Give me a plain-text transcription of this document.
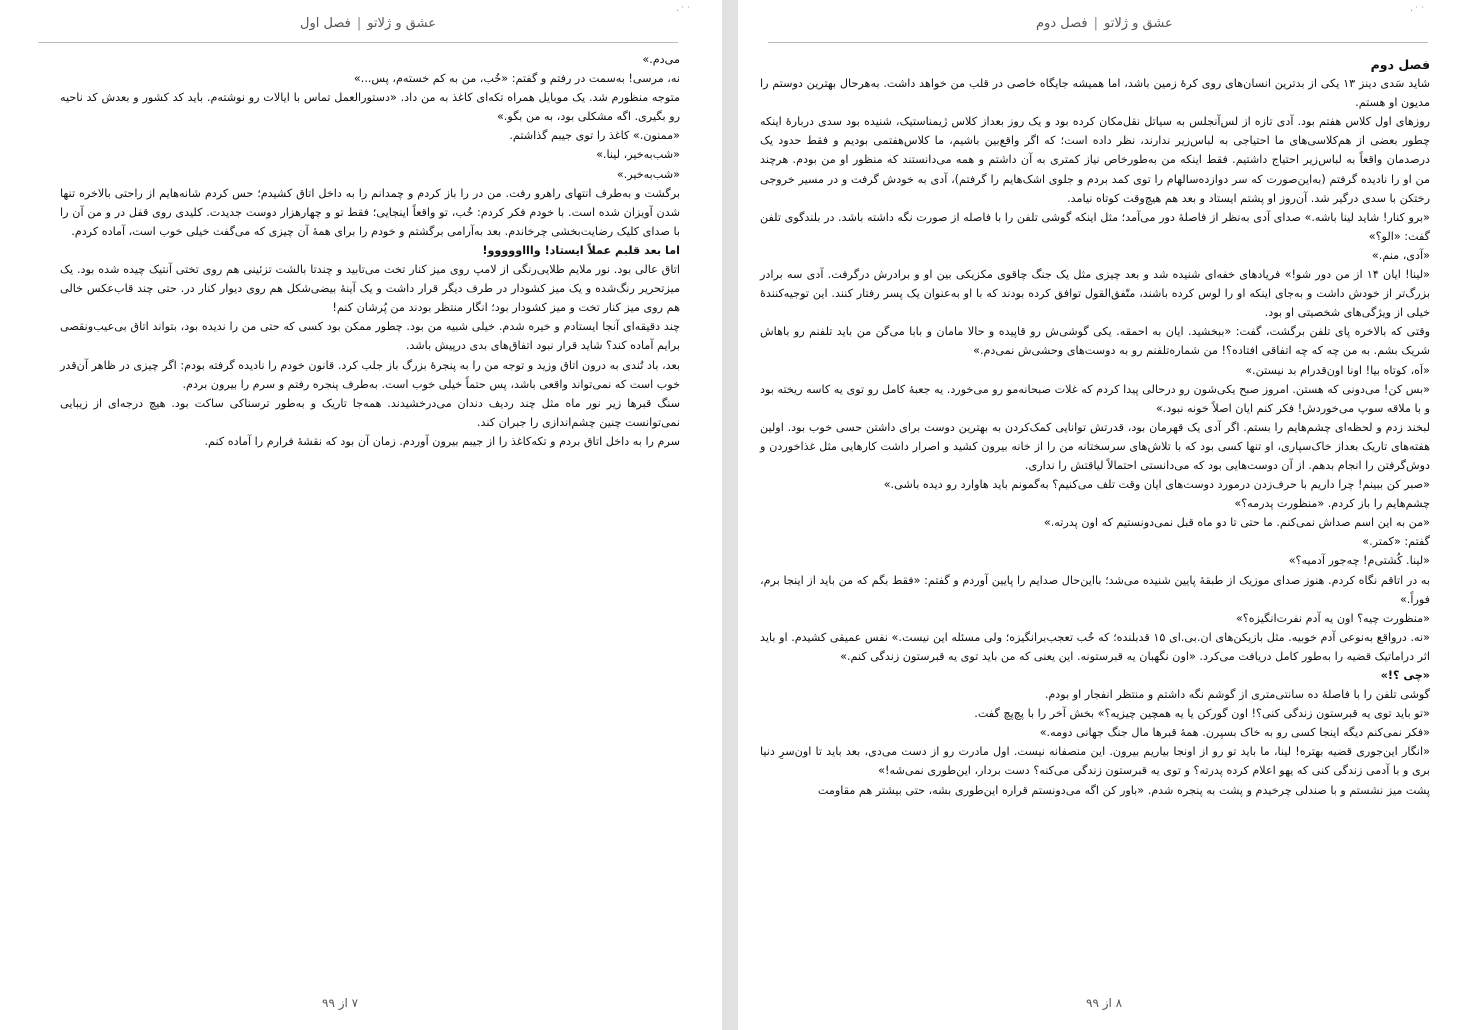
·˙˙
عشق و ژلاتو|فصل اول

می‌دم.»

نه، مرسی! به‌سمت در رفتم و گفتم: «خُب، من به کم خسته‌م، پس...»

متوجه منظورم شد. یک موبایل همراه تکه‌ای کاغذ به من داد. «دستورالعمل تماس با ایالات رو نوشته‌م. باید کد کشور و بعدش کد ناحیه رو بگیری. اگه مشکلی بود، به من بگو.»

«ممنون.» کاغذ را توی جیبم گذاشتم.

«شب‌به‌خیر، لینا.»

«شب‌به‌خیر.»

برگشت و به‌طرف انتهای راهرو رفت. من در را باز کردم و چمدانم را به داخل اتاق کشیدم؛ حس کردم شانه‌هایم از راحتی بالاخره تنها شدن آویزان شده است. با خودم فکر کردم: خُب، تو واقعاً اینجایی؛ فقط تو و چهارهزار دوست جدیدت. کلیدی روی قفل در و من آن را با صدای کلیک رضایت‌بخشی چرخاندم. بعد به‌آرامی برگشتم و خودم را برای همهٔ آن چیزی که می‌گفت خیلی خوب است، آماده کردم.

اما بعد قلبم عملاً ایستاد! واااووووو!

اتاق عالی بود. نور ملایم طلایی‌رنگی از لامپ روی میز کنار تخت می‌تابید و چندتا بالشت تزئینی هم روی تختی آنتیک چیده شده بود. یک میزتحریر رنگ‌شده و یک میز کشودار در طرف دیگر قرار داشت و یک آینهٔ بیضی‌شکل هم روی دیوار کنار در. حتی چند قاب‌عکس خالی هم روی میز کنار تخت و میز کشودار بود؛ انگار منتظر بودند من پُرشان کنم!

چند دقیقه‌ای آنجا ایستادم و خیره شدم. خیلی شبیه من بود. چطور ممکن بود کسی که حتی من را ندیده بود، بتواند اتاق بی‌عیب‌ونقصی برایم آماده کند؟ شاید قرار نبود اتفاق‌های بدی درپیش باشد.

بعد، باد تُندی به درون اتاق وزید و توجه من را به پنجرهٔ بزرگ باز جلب کرد. قانون خودم را نادیده گرفته بودم: اگر چیزی در ظاهر آن‌قدر خوب است که نمی‌تواند واقعی باشد، پس حتماً خیلی خوب است. به‌طرف پنجره رفتم و سرم را بیرون بردم.

سنگ قبرها زیر نور ماه مثل چند ردیف دندان می‌درخشیدند. همه‌جا تاریک و به‌طور ترسناکی ساکت بود. هیچ درجه‌ای از زیبایی نمی‌توانست چنین چشم‌اندازی را جبران کند.

سرم را به داخل اتاق بردم و تکه‌کاغذ را از جیبم بیرون آوردم. زمان آن بود که نقشهٔ فرارم را آماده کنم.

۷ از ۹۹
·˙˙
عشق و ژلاتو|فصل دوم

فصل دوم

شاید سَدی دینز ۱۳ یکی از بدترین انسان‌های روی کرهٔ زمین باشد، اما همیشه جایگاه خاصی در قلب من خواهد داشت. به‌هرحال بهترین دوستم را مدیون او هستم.

روزهای اول کلاس هفتم بود. آدی تازه از لس‌آنجلس به سیاتل نقل‌مکان کرده بود و یک روز بعداز کلاس ژیمناستیک، شنیده بود سدی دربارهٔ اینکه چطور بعضی از هم‌کلاسی‌های ما احتیاجی به لباس‌زیر ندارند، نظر داده است؛ که اگر واقع‌بین باشیم، ما کلاس‌هفتمی بودیم و فقط حدود یک درصدمان واقعاً به لباس‌زیر احتیاج داشتیم. فقط اینکه من به‌طورخاص نیاز کمتری به آن داشتم و همه می‌دانستند که منظور او من بودم. هرچند من او را نادیده گرفتم (به‌این‌صورت که سر دوازده‌سالهام را توی کمد بردم و جلوی اشک‌هایم را گرفتم)، آدی به خودش گرفت و در مسیر خروجی رختکن با سدی درگیر شد. آن‌روز او پشتم ایستاد و بعد هم هیچ‌وقت کوتاه نیامد.

«برو کنار! شاید لینا باشه.» صدای آدی به‌نظر از فاصلهٔ دور می‌آمد؛ مثل اینکه گوشی تلفن را با فاصله از صورت نگه داشته باشد. در بلندگوی تلفن گفت: «الو؟»

«آدی، منم.»

«لینا! ایان ۱۴ از من دور شو!» فریادهای خفه‌ای شنیده شد و بعد چیزی مثل یک جنگ چاقوی مکزیکی بین او و برادرش درگرفت. آدی سه برادر بزرگ‌تر از خودش داشت و به‌جای اینکه او را لوس کرده باشند، متّفق‌القول توافق کرده بودند که با او به‌عنوان یک پسر رفتار کنند. این توجیه‌کنندهٔ خیلی از ویژگی‌های شخصیتی او بود.

وقتی که بالاخره پای تلفن برگشت، گفت: «ببخشید. ایان به احمقه. یکی گوشی‌ش رو قاپیده و حالا مامان و بابا می‌گن من باید تلفنم رو باهاش شریک بشم. به من چه که چه اتفاقی افتاده؟! من شماره‌تلفنم رو به دوست‌های وحشی‌ش نمی‌دم.»

«اَه، کوتاه بیا! اونا اون‌قدرام بد نیستن.»

«بس کن! می‌دونی که هستن. امروز صبح یکی‌شون رو درحالی پیدا کردم که غلات صبحانه‌مو رو می‌خورد. یه جعبهٔ کامل رو توی یه کاسه ریخته بود و با ملاقه سوپ می‌خوردش! فکر کنم ایان اصلاً خونه نبود.»

لبخند زدم و لحظه‌ای چشم‌هایم را بستم. اگر آدی یک قهرمان بود، قدرتش توانایی کمک‌کردن به بهترین دوست برای داشتن حسی خوب بود. اولین هفته‌های تاریک بعداز خاک‌سپاری، او تنها کسی بود که با تلاش‌های سرسختانه من را از خانه بیرون کشید و اصرار داشت کارهایی مثل غذاخوردن و دوش‌گرفتن را انجام بدهم. از آن دوست‌هایی بود که می‌دانستی احتمالاً لیاقتش را نداری.

«صبر کن ببینم! چرا داریم با حرف‌زدن درمورد دوست‌های ایان وقت تلف می‌کنیم؟ به‌گمونم باید هاوارد رو دیده باشی.»

چشم‌هایم را باز کردم. «منظورت پدرمه؟»

«من به این اسم صداش نمی‌کنم. ما حتی تا دو ماه قبل نمی‌دونستیم که اون پدرته.»

گفتم: «کمتر.»

«لینا. کُشتی‌م! چه‌جور آدمیه؟»

به در اتاقم نگاه کردم. هنوز صدای موزیک از طبقهٔ پایین شنیده می‌شد؛ بااین‌حال صدایم را پایین آوردم و گفتم: «فقط بگم که من باید از اینجا برم، فوراً.»

«منظورت چیه؟ اون یه آدم نفرت‌انگیزه؟»

«نه. درواقع به‌نوعی آدم خوبیه. مثل بازیکن‌های ان.بی.ای ۱۵ قدبلنده؛ که خُب تعجب‌برانگیزه؛ ولی مسئله این نیست.» نفس عمیقی کشیدم. او باید اثر دراماتیک قضیه را به‌طور کامل دریافت می‌کرد. «اون نگهبان یه قبرستونه. این یعنی که من باید توی یه قبرستون زندگی کنم.»

«چی ؟!»

گوشی تلفن را با فاصلهٔ ده سانتی‌متری از گوشم نگه داشتم و منتظر انفجار او بودم.

«تو باید توی یه قبرستون زندگی کنی؟! اون گورکن یا یه همچین چیزیه؟» بخش آخر را با پچ‌پچ گفت.

«فکر نمی‌کنم دیگه اینجا کسی رو به خاک بسپرن. همهٔ قبرها مال جنگ جهانی دومه.»

«انگار این‌جوری قضیه بهتره! لینا، ما باید تو رو از اونجا بیاریم بیرون. این منصفانه نیست. اول مادرت رو از دست می‌دی، بعد باید تا اون‌سرِ دنیا بری و با آدمی زندگی کنی که یهو اعلام کرده پدرته؟ و توی یه قبرستون زندگی می‌کنه؟ دست بردار، این‌طوری نمی‌شه!»

پشت میز نشستم و با صندلی چرخیدم و پشت به پنجره شدم. «باور کن اگه می‌دونستم قراره این‌طوری بشه، حتی بیشتر هم مقاومت

۸ از ۹۹
